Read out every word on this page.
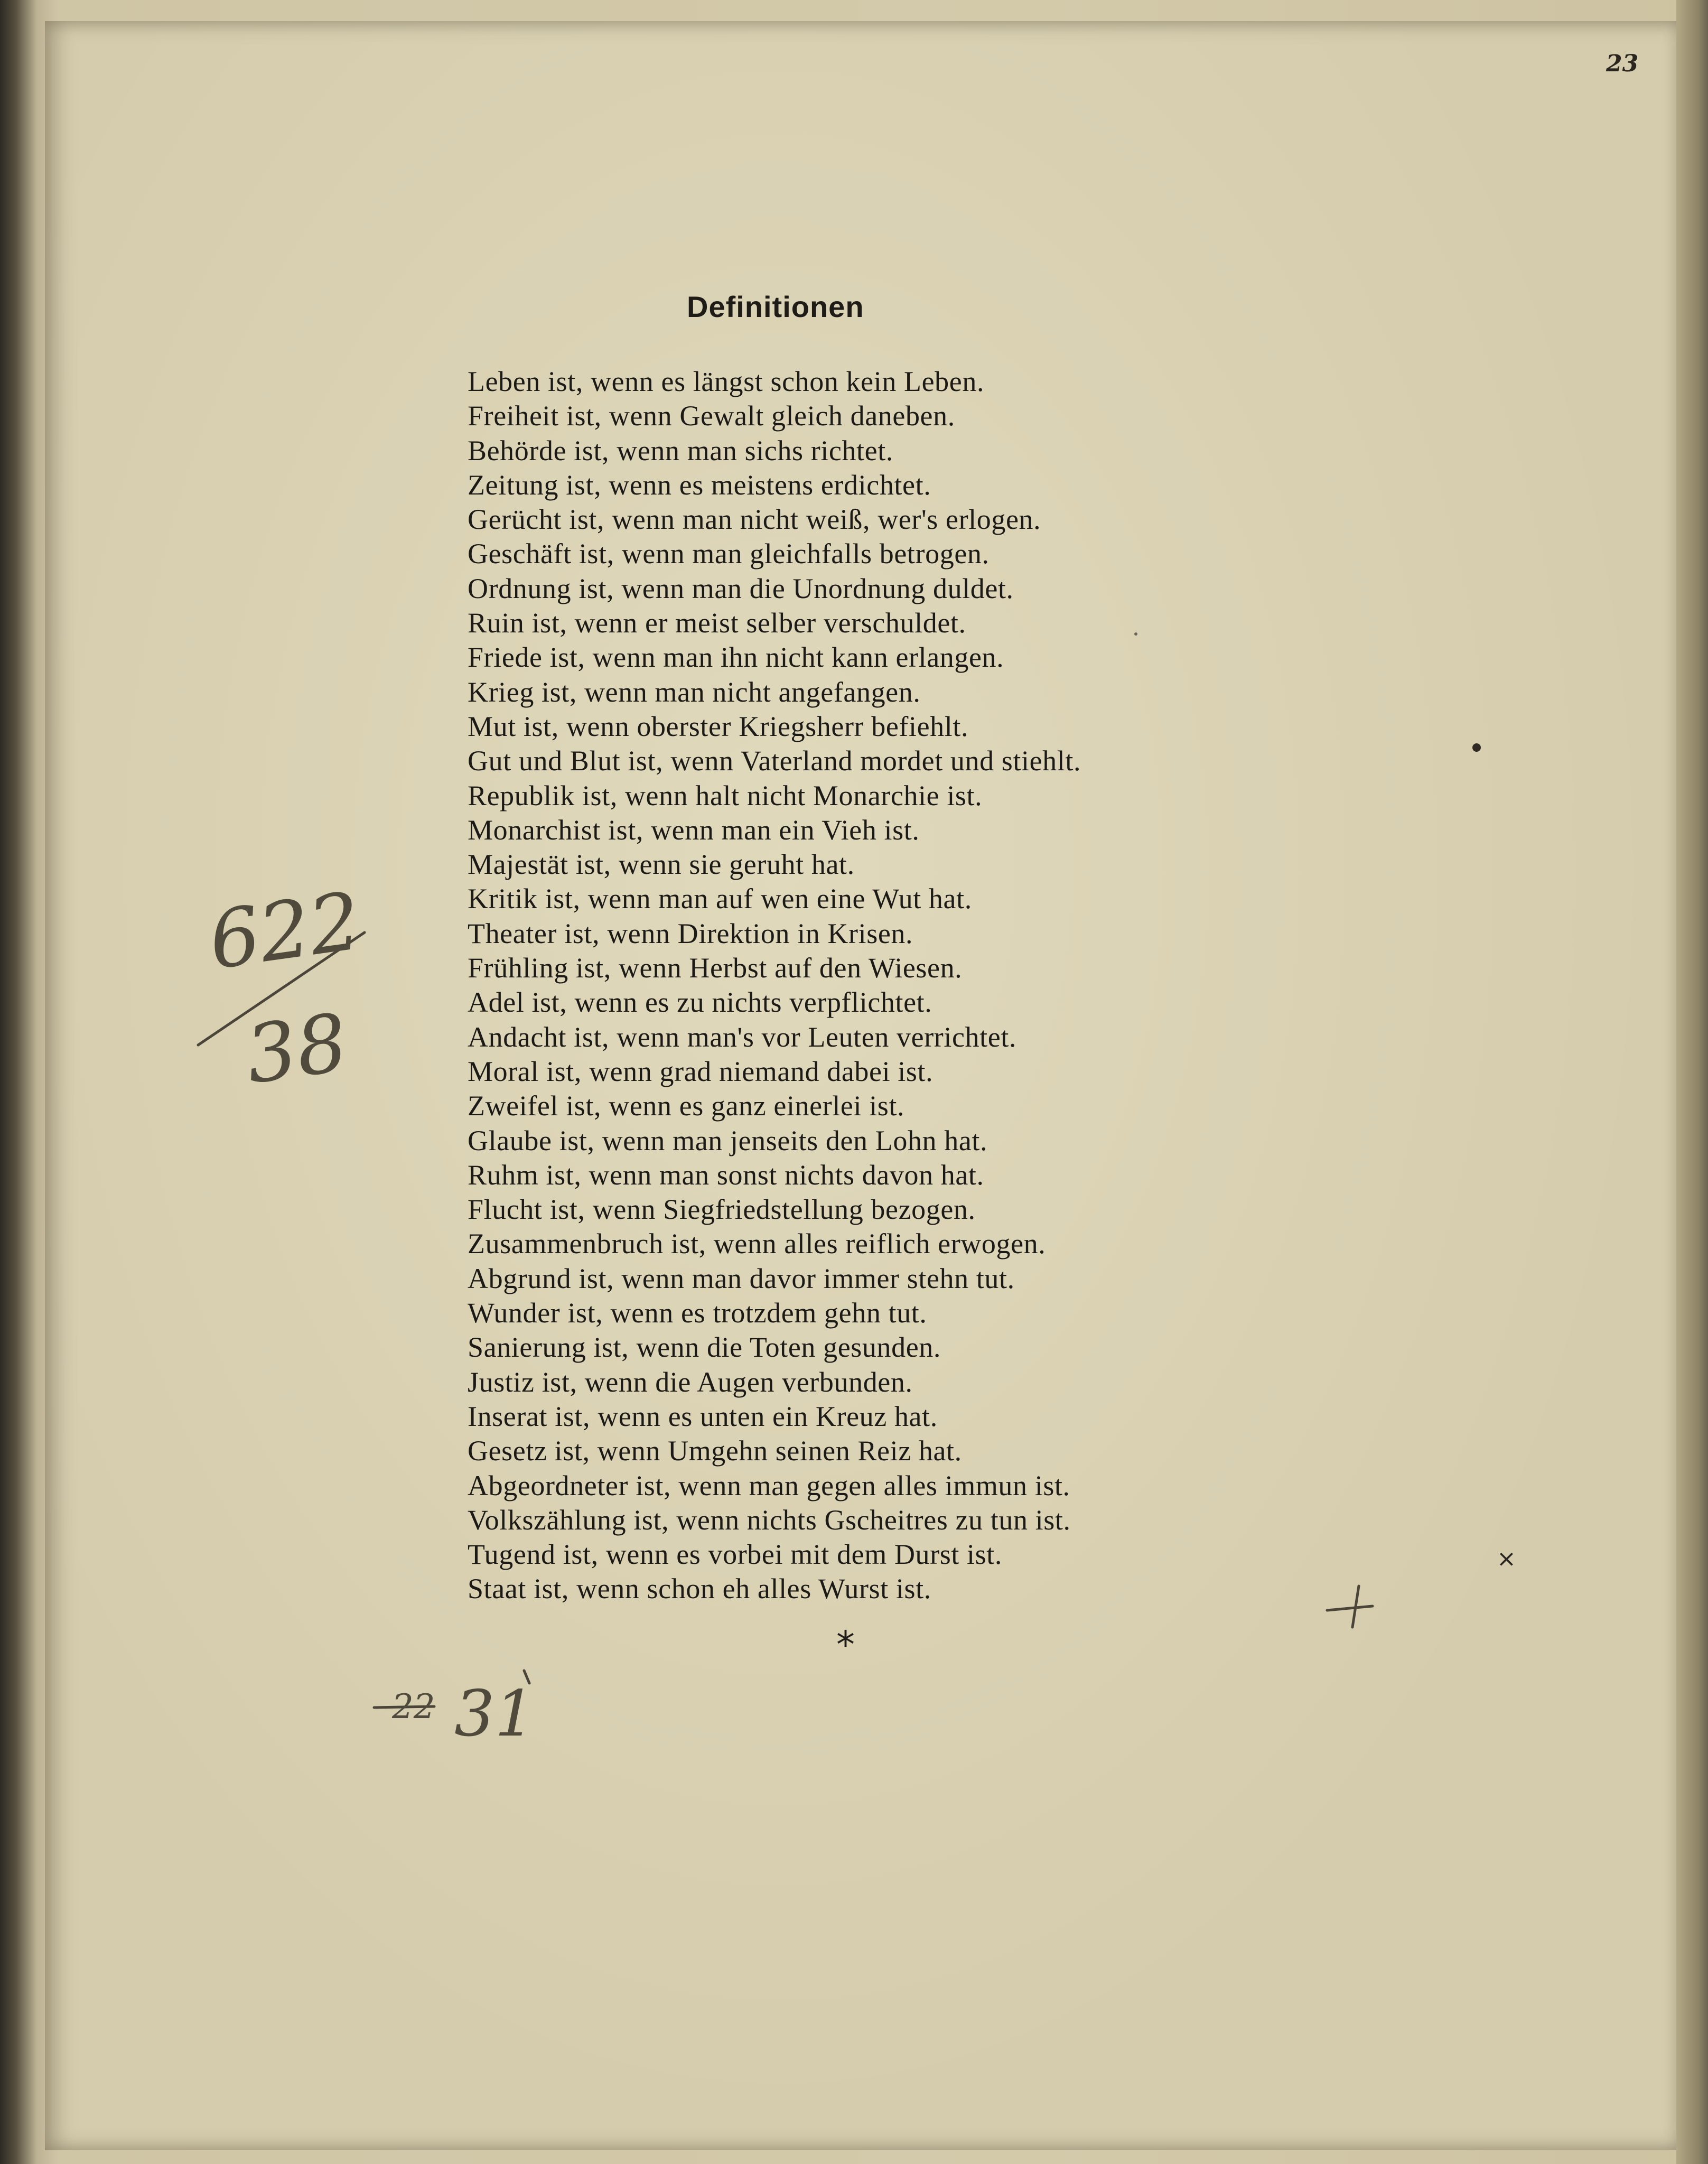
23

Definitionen
Leben ist, wenn es längst schon kein Leben.
Freiheit ist, wenn Gewalt gleich daneben.
Behörde ist, wenn man sichs richtet.
Zeitung ist, wenn es meistens erdichtet.
Gerücht ist, wenn man nicht weiß, wer's erlogen.
Geschäft ist, wenn man gleichfalls betrogen.
Ordnung ist, wenn man die Unordnung duldet.
Ruin ist, wenn er meist selber verschuldet.
Friede ist, wenn man ihn nicht kann erlangen.
Krieg ist, wenn man nicht angefangen.
Mut ist, wenn oberster Kriegsherr befiehlt.
Gut und Blut ist, wenn Vaterland mordet und stiehlt.
Republik ist, wenn halt nicht Monarchie ist.
Monarchist ist, wenn man ein Vieh ist.
Majestät ist, wenn sie geruht hat.
Kritik ist, wenn man auf wen eine Wut hat.
Theater ist, wenn Direktion in Krisen.
Frühling ist, wenn Herbst auf den Wiesen.
Adel ist, wenn es zu nichts verpflichtet.
Andacht ist, wenn man's vor Leuten verrichtet.
Moral ist, wenn grad niemand dabei ist.
Zweifel ist, wenn es ganz einerlei ist.
Glaube ist, wenn man jenseits den Lohn hat.
Ruhm ist, wenn man sonst nichts davon hat.
Flucht ist, wenn Siegfriedstellung bezogen.
Zusammenbruch ist, wenn alles reiflich erwogen.
Abgrund ist, wenn man davor immer stehn tut.
Wunder ist, wenn es trotzdem gehn tut.
Sanierung ist, wenn die Toten gesunden.
Justiz ist, wenn die Augen verbunden.
Inserat ist, wenn es unten ein Kreuz hat.
Gesetz ist, wenn Umgehn seinen Reiz hat.
Abgeordneter ist, wenn man gegen alles immun ist.
Volkszählung ist, wenn nichts Gscheitres zu tun ist.
Tugend ist, wenn es vorbei mit dem Durst ist.
Staat ist, wenn schon eh alles Wurst ist.

*

622
38
22 31

×
